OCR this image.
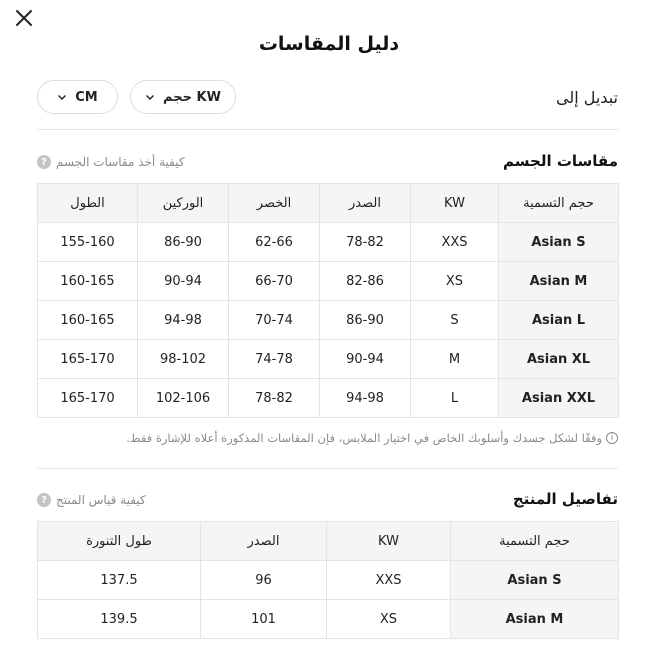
دليل المقاسات
تبديل إلى
KW حجم
CM
مقاسات الجسم
كيفية أخذ مقاسات الجسم
?
حجم التسمية	KW	الصدر	الخصر	الوركين	الطول
Asian S	XXS	78-82	62-66	86-90	155-160
Asian M	XS	82-86	66-70	90-94	160-165
Asian L	S	86-90	70-74	94-98	160-165
Asian XL	M	90-94	74-78	98-102	165-170
Asian XXL	L	94-98	78-82	102-106	165-170
i
وفقًا لشكل جسدك وأسلوبك الخاص في اختيار الملابس، فإن المقاسات المذكورة أعلاه للإشارة فقط.
تفاصيل المنتج
كيفية قياس المنتج
?
حجم التسمية	KW	الصدر	طول التنورة
Asian S	XXS	96	137.5
Asian M	XS	101	139.5
